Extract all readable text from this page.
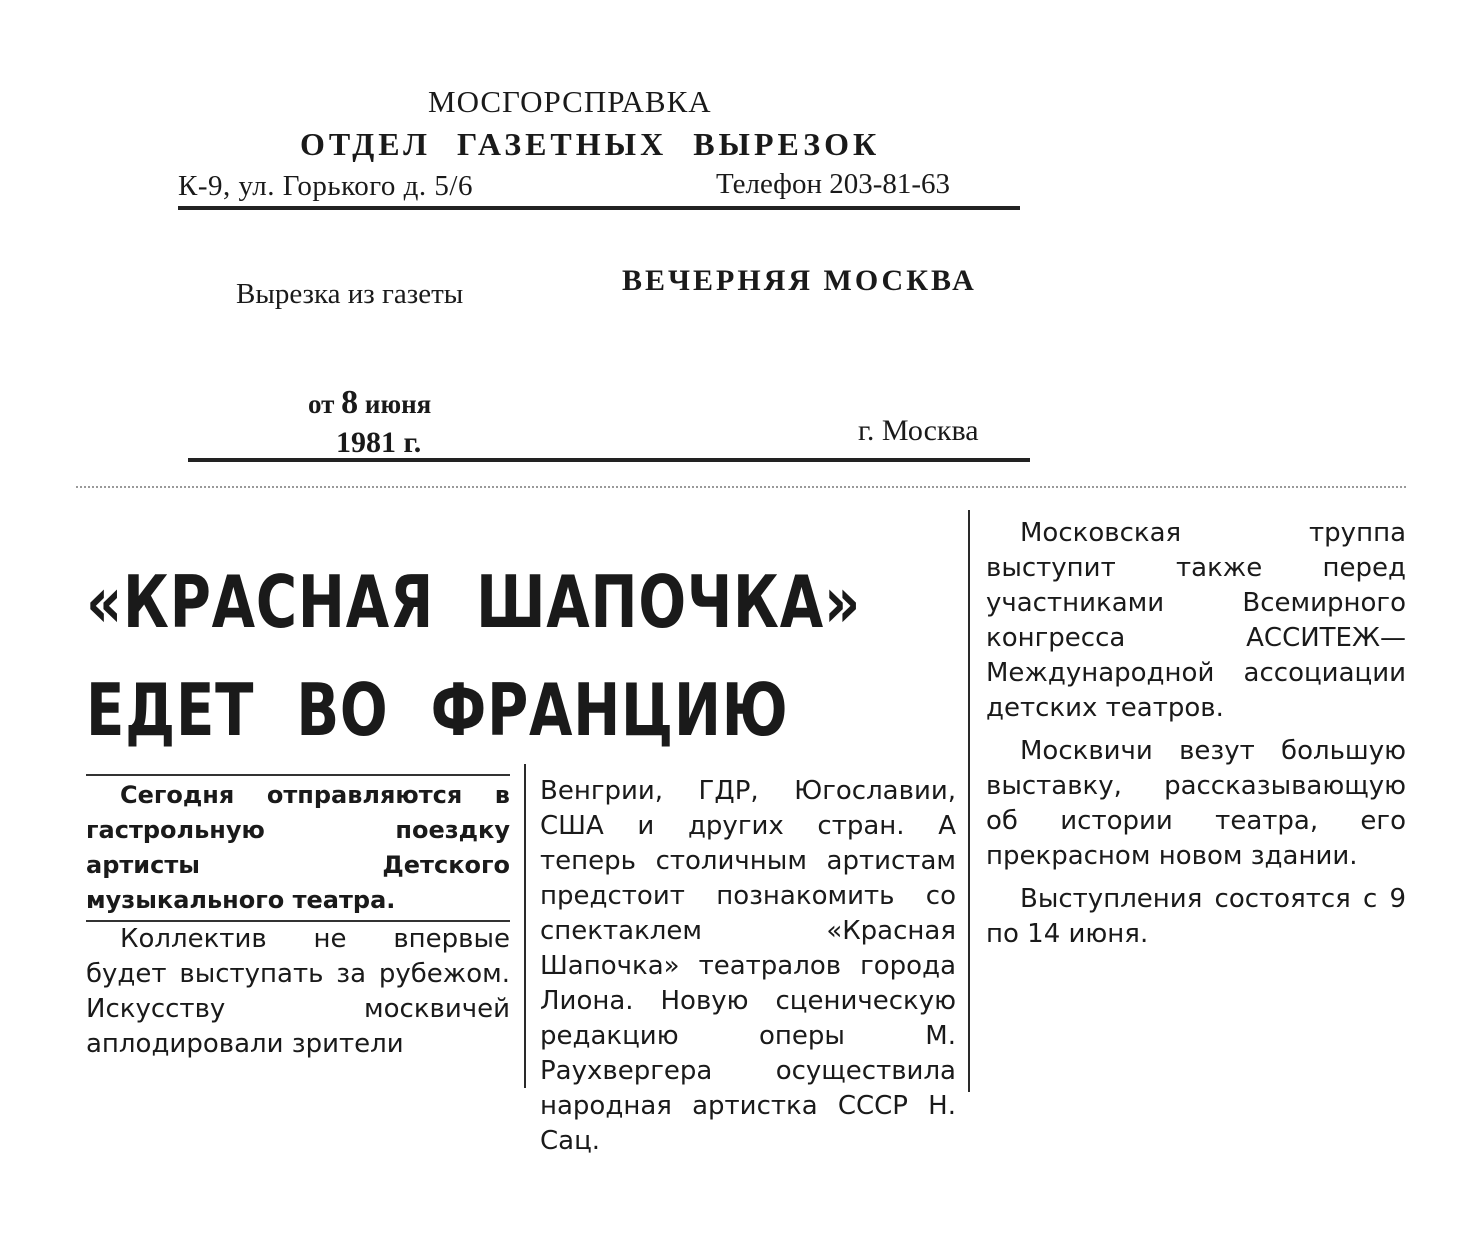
МОСГОРСПРАВКА
ОТДЕЛ ГАЗЕТНЫХ ВЫРЕЗОК
К-9, ул. Горького д. 5/6	Телефон 203-81-63
Вырезка из газеты	ВЕЧЕРНЯЯ МОСКВА
от 8 июня
1981 г.	г. Москва
«КРАСНАЯ ШАПОЧКА»
ЕДЕТ ВО ФРАНЦИЮ

Сегодня отправляются в гастрольную поездку артисты Детского музыкального театра.

Коллектив не впервые будет выступать за рубежом. Искусству москвичей аплодировали зрители

Венгрии, ГДР, Югославии, США и других стран. А теперь столичным артистам предстоит познакомить со спектаклем «Красная Шапочка» театралов города Лиона. Новую сценическую редакцию оперы М. Раухвергера осуществила народная артистка СССР Н. Сац.

Московская труппа выступит также перед участниками Всемирного конгресса АССИТЕЖ—Международной ассоциации детских театров.

Москвичи везут большую выставку, рассказывающую об истории театра, его прекрасном новом здании.

Выступления состоятся с 9 по 14 июня.
